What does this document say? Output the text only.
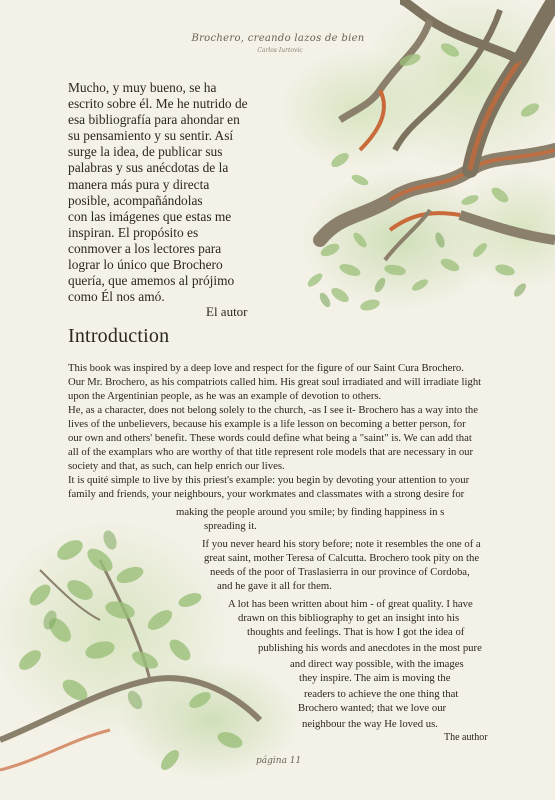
Brochero, creando lazos de bien
Carlos Iurtovic

Mucho, y muy bueno, se ha

escrito sobre él. Me he nutrido de

esa bibliografía para ahondar en

su pensamiento y su sentir. Así

surge la idea, de publicar sus

palabras y sus anécdotas de la

manera más pura y directa

posible, acompañándolas

con las imágenes que estas me

inspiran. El propósito es

conmover a los lectores para

lograr lo único que Brochero

quería, que amemos al prójimo

como Él nos amó.

El autor
Introduction
This book was inspired by a deep love and respect for the figure of our Saint Cura Brochero.
Our Mr. Brochero, as his compatriots called him. His great soul irradiated and will irradiate light
upon the Argentinian people, as he was an example of devotion to others.
He, as a character, does not belong solely to the church, -as I see it- Brochero has a way into the
lives of the unbelievers, because his example is a life lesson on becoming a better person, for
our own and others' benefit. These words could define what being a "saint" is. We can add that
all of the examplars who are worthy of that title represent role models that are necessary in our
society and that, as such, can help enrich our lives.
It is quité simple to live by this priest's example: you begin by devoting your attention to your
family and friends, your neighbours, your workmates and classmates with a strong desire for
making the people around you smile; by finding happiness in s
spreading it.
If you never heard his story before; note it resembles the one of a
great saint, mother Teresa of Calcutta. Brochero took pity on the
needs of the poor of Traslasierra in our province of Cordoba,
and he gave it all for them.
A lot has been written about him - of great quality. I have
drawn on this bibliography to get an insight into his
thoughts and feelings. That is how I got the idea of
publishing his words and anecdotes in the most pure
and direct way possible, with the images
they inspire. The aim is moving the
readers to achieve the one thing that
Brochero wanted; that we love our
neighbour the way He loved us.
The author
página 11
